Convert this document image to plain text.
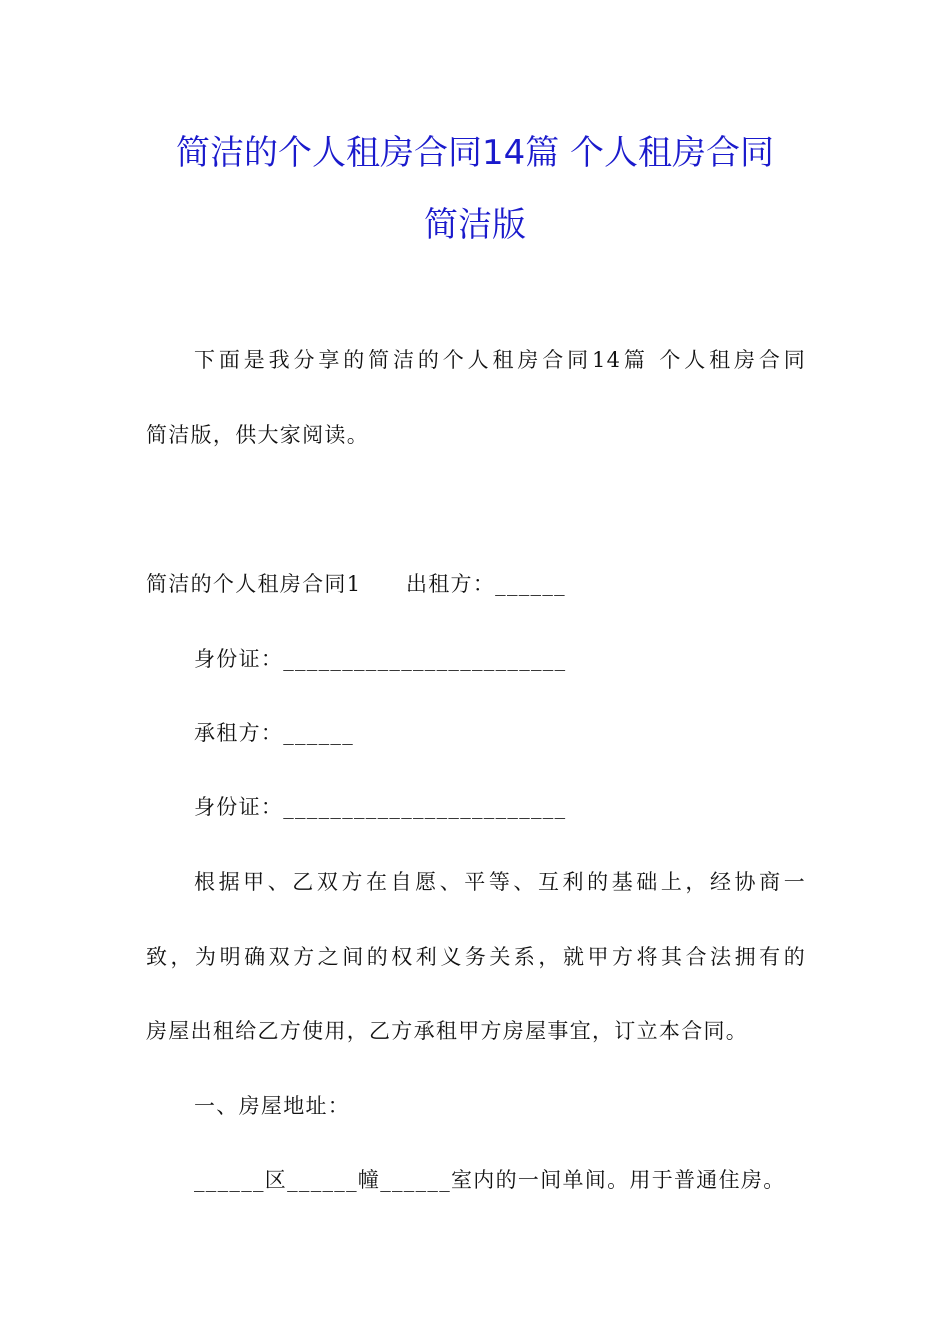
简洁的个人租房合同14篇 个人租房合同
简洁版
下面是我分享的简洁的个人租房合同14篇 个人租房合同
简洁版，供大家阅读。
简洁的个人租房合同1　　出租方：______
身份证：________________________
承租方：______
身份证：________________________
根据甲、乙双方在自愿、平等、互利的基础上，经协商一
致，为明确双方之间的权利义务关系，就甲方将其合法拥有的
房屋出租给乙方使用，乙方承租甲方房屋事宜，订立本合同。
一、房屋地址：
______区______幢______室内的一间单间。用于普通住房。
